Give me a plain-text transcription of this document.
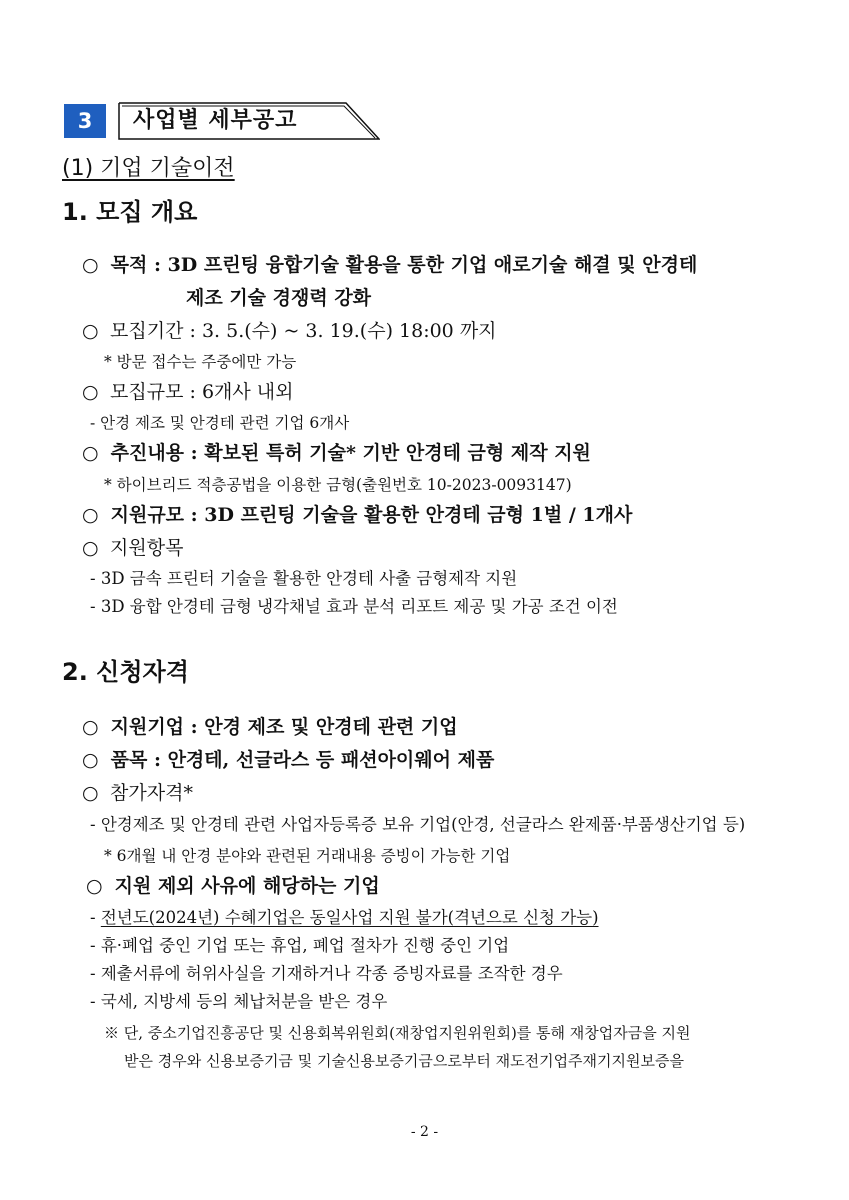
3	사업별 세부공고
(1) 기업 기술이전
1. 모집 개요
○ 목적 : 3D 프린팅 융합기술 활용을 통한 기업 애로기술 해결 및 안경테
제조 기술 경쟁력 강화
○ 모집기간 : 3. 5.(수) ~ 3. 19.(수) 18:00 까지
* 방문 접수는 주중에만 가능
○ 모집규모 : 6개사 내외
- 안경 제조 및 안경테 관련 기업 6개사
○ 추진내용 : 확보된 특허 기술* 기반 안경테 금형 제작 지원
* 하이브리드 적층공법을 이용한 금형(출원번호 10-2023-0093147)
○ 지원규모 : 3D 프린팅 기술을 활용한 안경테 금형 1벌 / 1개사
○ 지원항목
- 3D 금속 프린터 기술을 활용한 안경테 사출 금형제작 지원
- 3D 융합 안경테 금형 냉각채널 효과 분석 리포트 제공 및 가공 조건 이전
2. 신청자격
○ 지원기업 : 안경 제조 및 안경테 관련 기업
○ 품목 : 안경테, 선글라스 등 패션아이웨어 제품
○ 참가자격*
- 안경제조 및 안경테 관련 사업자등록증 보유 기업(안경, 선글라스 완제품·부품생산기업 등)
* 6개월 내 안경 분야와 관련된 거래내용 증빙이 가능한 기업
○ 지원 제외 사유에 해당하는 기업
- 전년도(2024년) 수혜기업은 동일사업 지원 불가(격년으로 신청 가능)
- 휴·폐업 중인 기업 또는 휴업, 폐업 절차가 진행 중인 기업
- 제출서류에 허위사실을 기재하거나 각종 증빙자료를 조작한 경우
- 국세, 지방세 등의 체납처분을 받은 경우
※ 단, 중소기업진흥공단 및 신용회복위원회(재창업지원위원회)를 통해 재창업자금을 지원
받은 경우와 신용보증기금 및 기술신용보증기금으로부터 재도전기업주재기지원보증을
- 2 -
